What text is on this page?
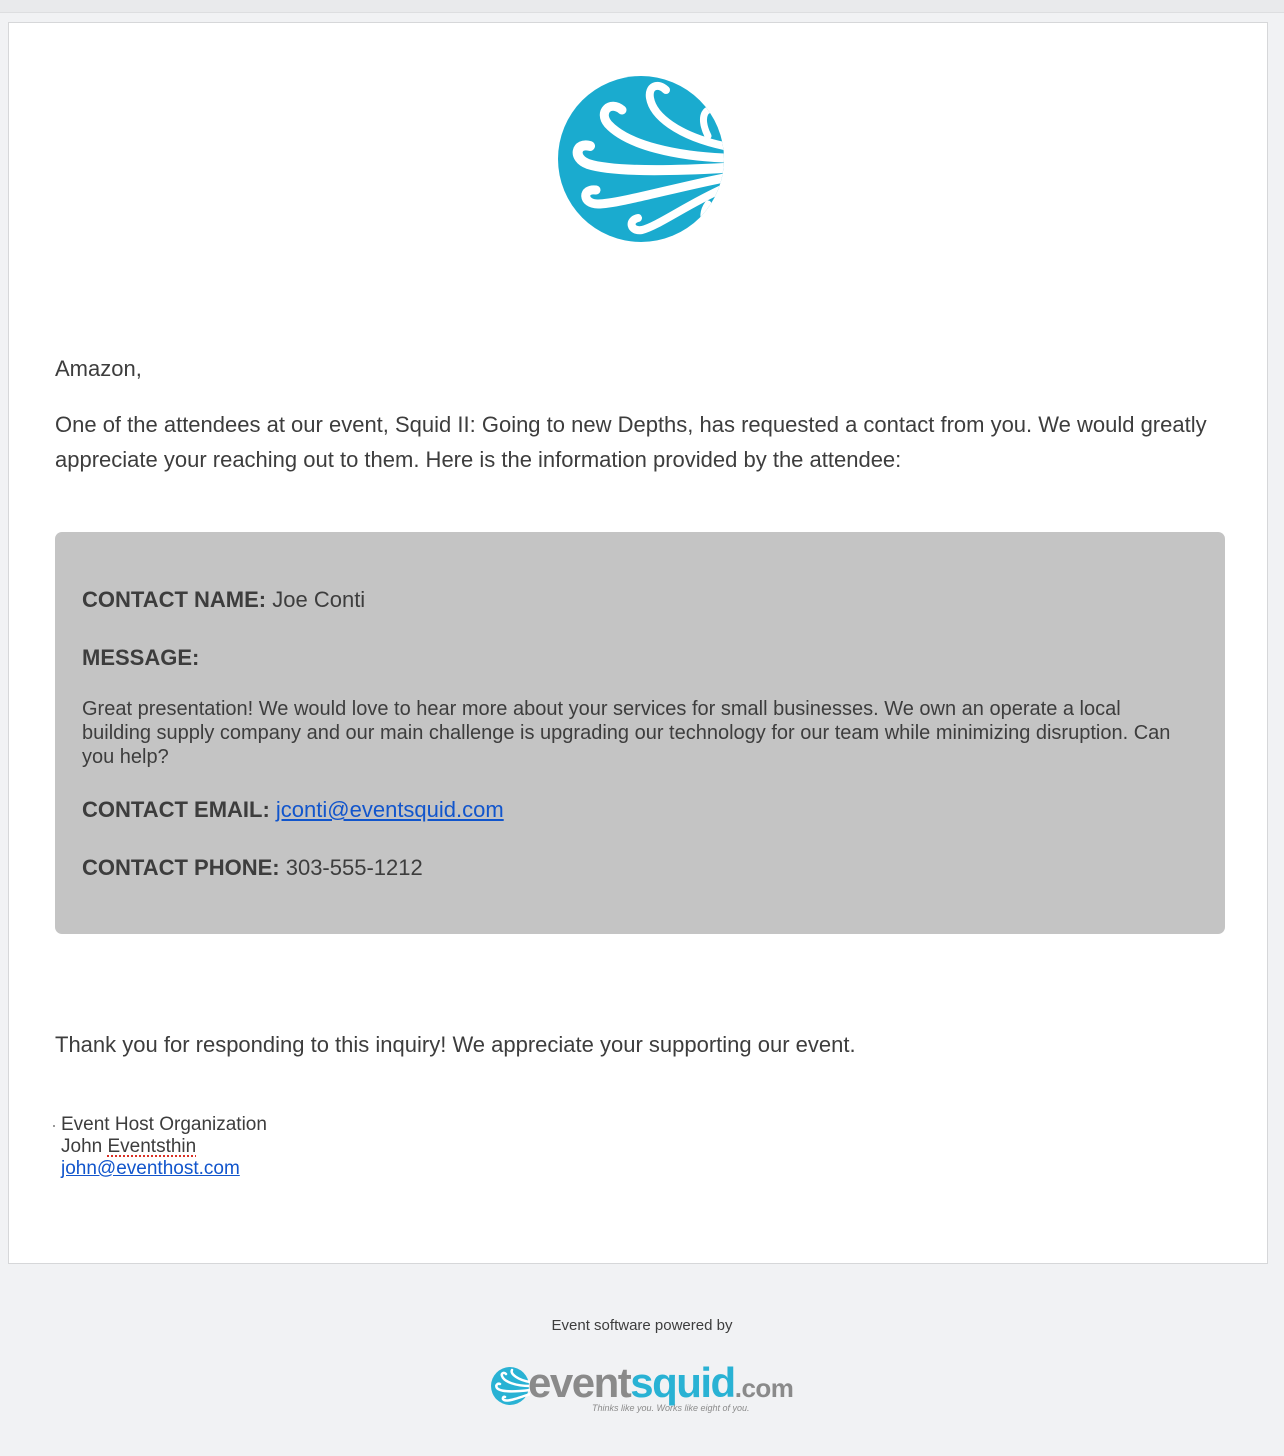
Amazon,
One of the attendees at our event, Squid II: Going to new Depths, has requested a contact from you. We would greatly appreciate your reaching out to them. Here is the information provided by the attendee:
CONTACT NAME: Joe Conti
MESSAGE:
Great presentation! We would love to hear more about your services for small businesses. We own an operate a local building supply company and our main challenge is upgrading our technology for our team while minimizing disruption. Can you help?
CONTACT EMAIL: jconti@eventsquid.com
CONTACT PHONE: 303-555-1212
Thank you for responding to this inquiry! We appreciate your supporting our event.
Event Host Organization
John Eventsthin
john@eventhost.com
Event software powered by
eventsquid.com
Thinks like you. Works like eight of you.
